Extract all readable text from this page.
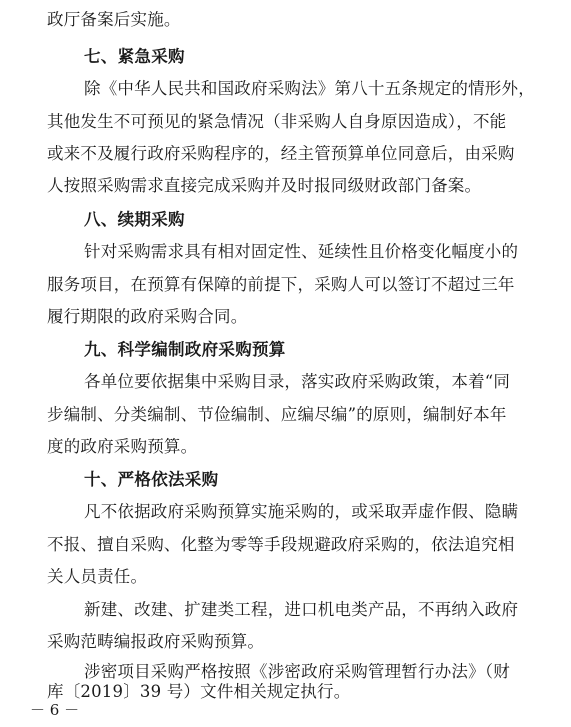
政厅备案后实施。
七、紧急采购
除《中华人民共和国政府采购法》第八十五条规定的情形外，
其他发生不可预见的紧急情况（非采购人自身原因造成），不能
或来不及履行政府采购程序的，经主管预算单位同意后，由采购
人按照采购需求直接完成采购并及时报同级财政部门备案。
八、续期采购
针对采购需求具有相对固定性、延续性且价格变化幅度小的
服务项目，在预算有保障的前提下，采购人可以签订不超过三年
履行期限的政府采购合同。
九、科学编制政府采购预算
各单位要依据集中采购目录，落实政府采购政策，本着“同
步编制、分类编制、节俭编制、应编尽编”的原则，编制好本年
度的政府采购预算。
十、严格依法采购
凡不依据政府采购预算实施采购的，或采取弄虚作假、隐瞒
不报、擅自采购、化整为零等手段规避政府采购的，依法追究相
关人员责任。
新建、改建、扩建类工程，进口机电类产品，不再纳入政府
采购范畴编报政府采购预算。
涉密项目采购严格按照《涉密政府采购管理暂行办法》（财
库〔2019〕39 号）文件相关规定执行。
－ 6 －
